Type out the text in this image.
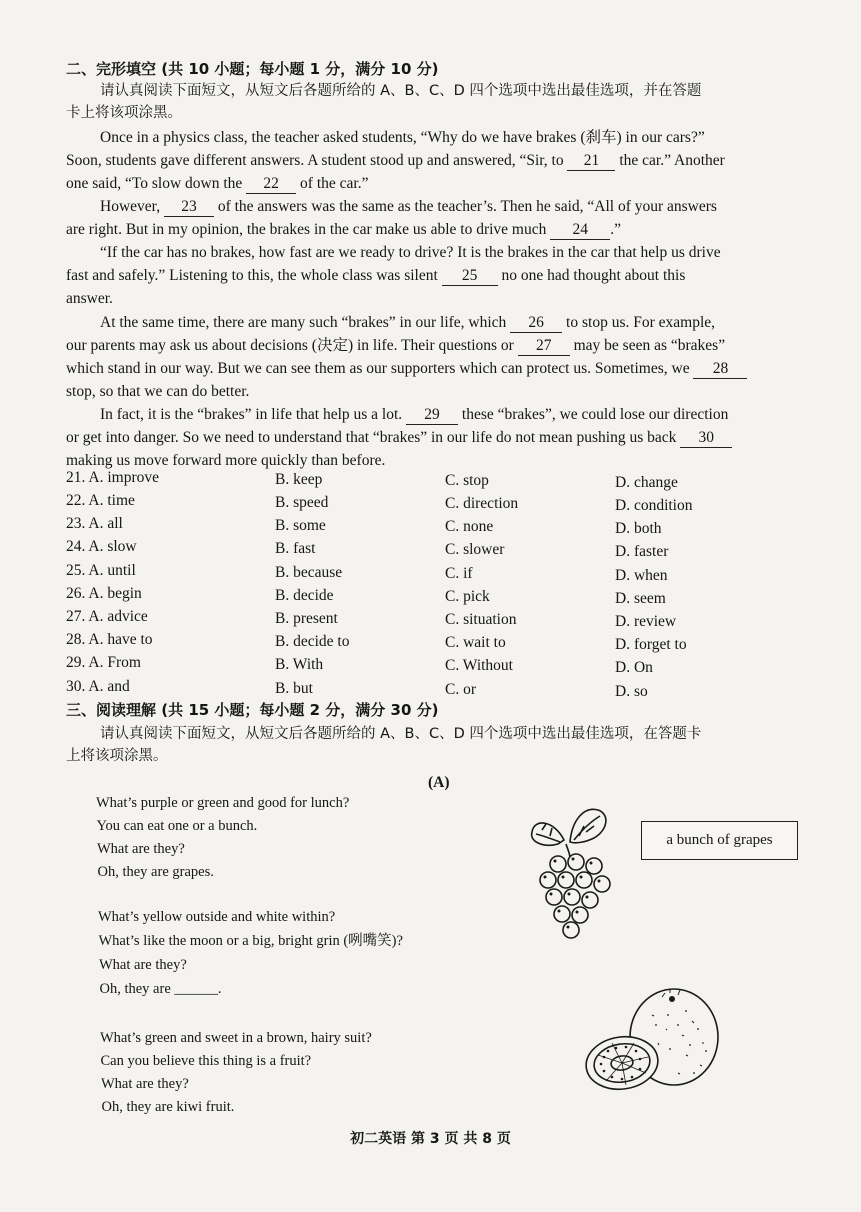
二、完形填空 (共 10 小题；每小题 1 分，满分 10 分)
请认真阅读下面短文，从短文后各题所给的 A、B、C、D 四个选项中选出最佳选项，并在答题
卡上将该项涂黑。
Once in a physics class, the teacher asked students, “Why do we have brakes (刹车) in our cars?”
Soon, students gave different answers. A student stood up and answered, “Sir, to 21 the car.” Another
one said, “To slow down the 22 of the car.”
However, 23 of the answers was the same as the teacher’s. Then he said, “All of your answers
are right. But in my opinion, the brakes in the car make us able to drive much 24 .”
“If the car has no brakes, how fast are we ready to drive? It is the brakes in the car that help us drive
fast and safely.” Listening to this, the whole class was silent 25 no one had thought about this
answer.
At the same time, there are many such “brakes” in our life, which 26 to stop us. For example,
our parents may ask us about decisions (决定) in life. Their questions or 27 may be seen as “brakes”
which stand in our way. But we can see them as our supporters which can protect us. Sometimes, we 28
stop, so that we can do better.
In fact, it is the “brakes” in life that help us a lot. 29 these “brakes”, we could lose our direction
or get into danger. So we need to understand that “brakes” in our life do not mean pushing us back 30
making us move forward more quickly than before.
21. A. improve	B. keep	C. stop	D. change
22. A. time	B. speed	C. direction	D. condition
23. A. all	B. some	C. none	D. both
24. A. slow	B. fast	C. slower	D. faster
25. A. until	B. because	C. if	D. when
26. A. begin	B. decide	C. pick	D. seem
27. A. advice	B. present	C. situation	D. review
28. A. have to	B. decide to	C. wait to	D. forget to
29. A. From	B. With	C. Without	D. On
30. A. and	B. but	C. or	D. so
三、阅读理解 (共 15 小题；每小题 2 分，满分 30 分)
请认真阅读下面短文，从短文后各题所给的 A、B、C、D 四个选项中选出最佳选项，在答题卡
上将该项涂黑。
(A)
What’s purple or green and good for lunch?
You can eat one or a bunch.
What are they?
Oh, they are grapes.
What’s yellow outside and white within?
What’s like the moon or a big, bright grin (咧嘴笑)?
What are they?
Oh, they are ______.
What’s green and sweet in a brown, hairy suit?
Can you believe this thing is a fruit?
What are they?
Oh, they are kiwi fruit.
a bunch of grapes
初二英语 第 3 页 共 8 页
